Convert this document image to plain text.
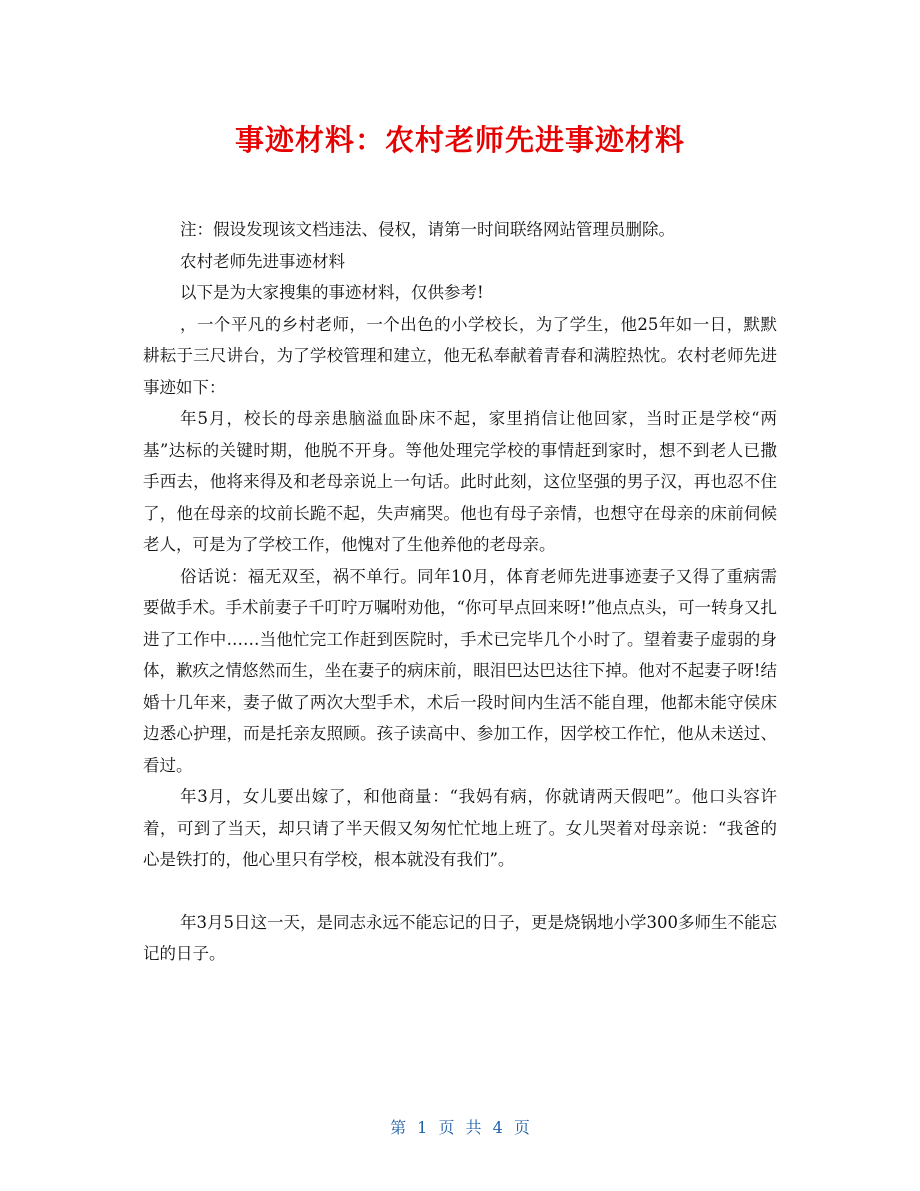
事迹材料：农村老师先进事迹材料

注：假设发现该文档违法、侵权，请第一时间联络网站管理员删除。

农村老师先进事迹材料

以下是为大家搜集的事迹材料，仅供参考!

，一个平凡的乡村老师，一个出色的小学校长，为了学生，他25年如一日，默默耕耘于三尺讲台，为了学校管理和建立，他无私奉献着青春和满腔热忱。农村老师先进事迹如下：

年5月，校长的母亲患脑溢血卧床不起，家里捎信让他回家，当时正是学校“两基”达标的关键时期，他脱不开身。等他处理完学校的事情赶到家时，想不到老人已撒手西去，他将来得及和老母亲说上一句话。此时此刻，这位坚强的男子汉，再也忍不住了，他在母亲的坟前长跪不起，失声痛哭。他也有母子亲情，也想守在母亲的床前伺候老人，可是为了学校工作，他愧对了生他养他的老母亲。

俗话说：福无双至，祸不单行。同年10月，体育老师先进事迹妻子又得了重病需要做手术。手术前妻子千叮咛万嘱咐劝他，“你可早点回来呀!”他点点头，可一转身又扎进了工作中……当他忙完工作赶到医院时，手术已完毕几个小时了。望着妻子虚弱的身体，歉疚之情悠然而生，坐在妻子的病床前，眼泪巴达巴达往下掉。他对不起妻子呀!结婚十几年来，妻子做了两次大型手术，术后一段时间内生活不能自理，他都未能守侯床边悉心护理，而是托亲友照顾。孩子读高中、参加工作，因学校工作忙，他从未送过、看过。

年3月，女儿要出嫁了，和他商量：“我妈有病，你就请两天假吧”。他口头容许着，可到了当天，却只请了半天假又匆匆忙忙地上班了。女儿哭着对母亲说：“我爸的心是铁打的，他心里只有学校，根本就没有我们”。

年3月5日这一天，是同志永远不能忘记的日子，更是烧锅地小学300多师生不能忘记的日子。

第 1 页 共 4 页
